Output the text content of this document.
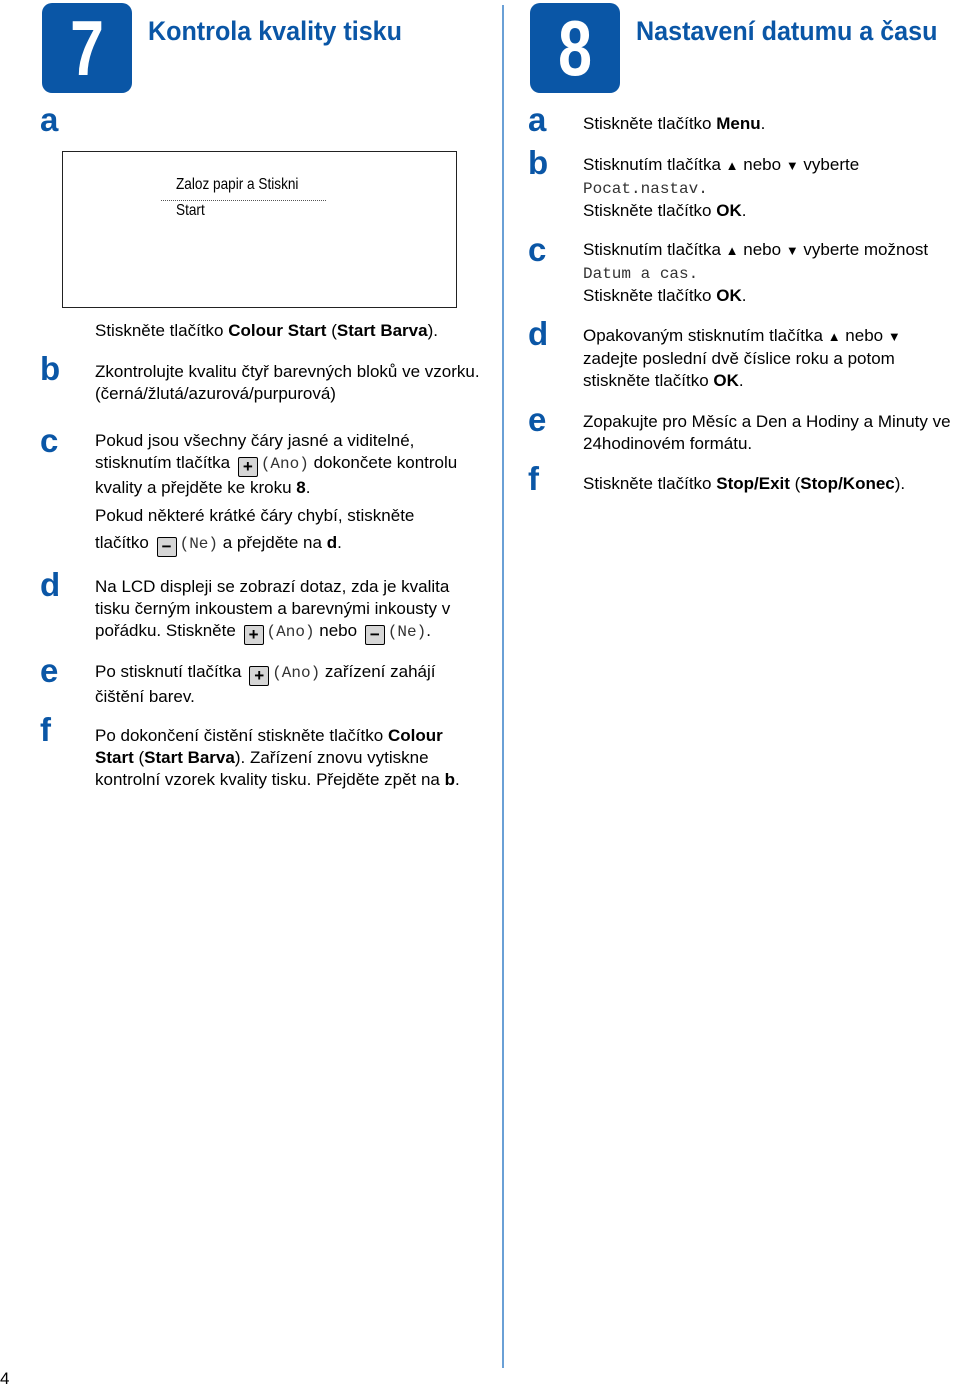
7	Kontrola kvality tisku
a
Zaloz papir a Stiskni
Start
b
Stiskněte tlačítko Colour Start (Start Barva).
c
Zkontrolujte kvalitu čtyř barevných bloků ve vzorku. (černá/žlutá/azurová/purpurová)
Pokud jsou všechny čáry jasné a viditelné, stisknutím tlačítka + (Ano) dokončete kontrolu kvality a přejděte ke kroku 8.
Pokud některé krátké čáry chybí, stiskněte
tlačítko − (Ne) a přejděte na d.
d Na LCD displeji se zobrazí dotaz, zda je kvalita tisku černým inkoustem a barevnými inkousty v pořádku. Stiskněte + (Ano) nebo − (Ne).
e Po stisknutí tlačítka + (Ano) zařízení zahájí čištění barev.
f	Po dokončení čistění stiskněte tlačítko Colour Start (Start Barva). Zařízení znovu vytiskne kontrolní vzorek kvality tisku. Přejděte zpět na b.
8	Nastavení datumu a času
a Stiskněte tlačítko Menu.
b Stisknutím tlačítka ▲ nebo ▼ vyberte
Pocat.nastav.
Stiskněte tlačítko OK.
c Stisknutím tlačítka ▲ nebo ▼ vyberte možnost
Datum a cas.
Stiskněte tlačítko OK.
d Opakovaným stisknutím tlačítka ▲ nebo ▼ zadejte poslední dvě číslice roku a potom stiskněte tlačítko OK.
e Zopakujte pro Měsíc a Den a Hodiny a Minuty ve 24hodinovém formátu.
f	Stiskněte tlačítko Stop/Exit (Stop/Konec).
4
